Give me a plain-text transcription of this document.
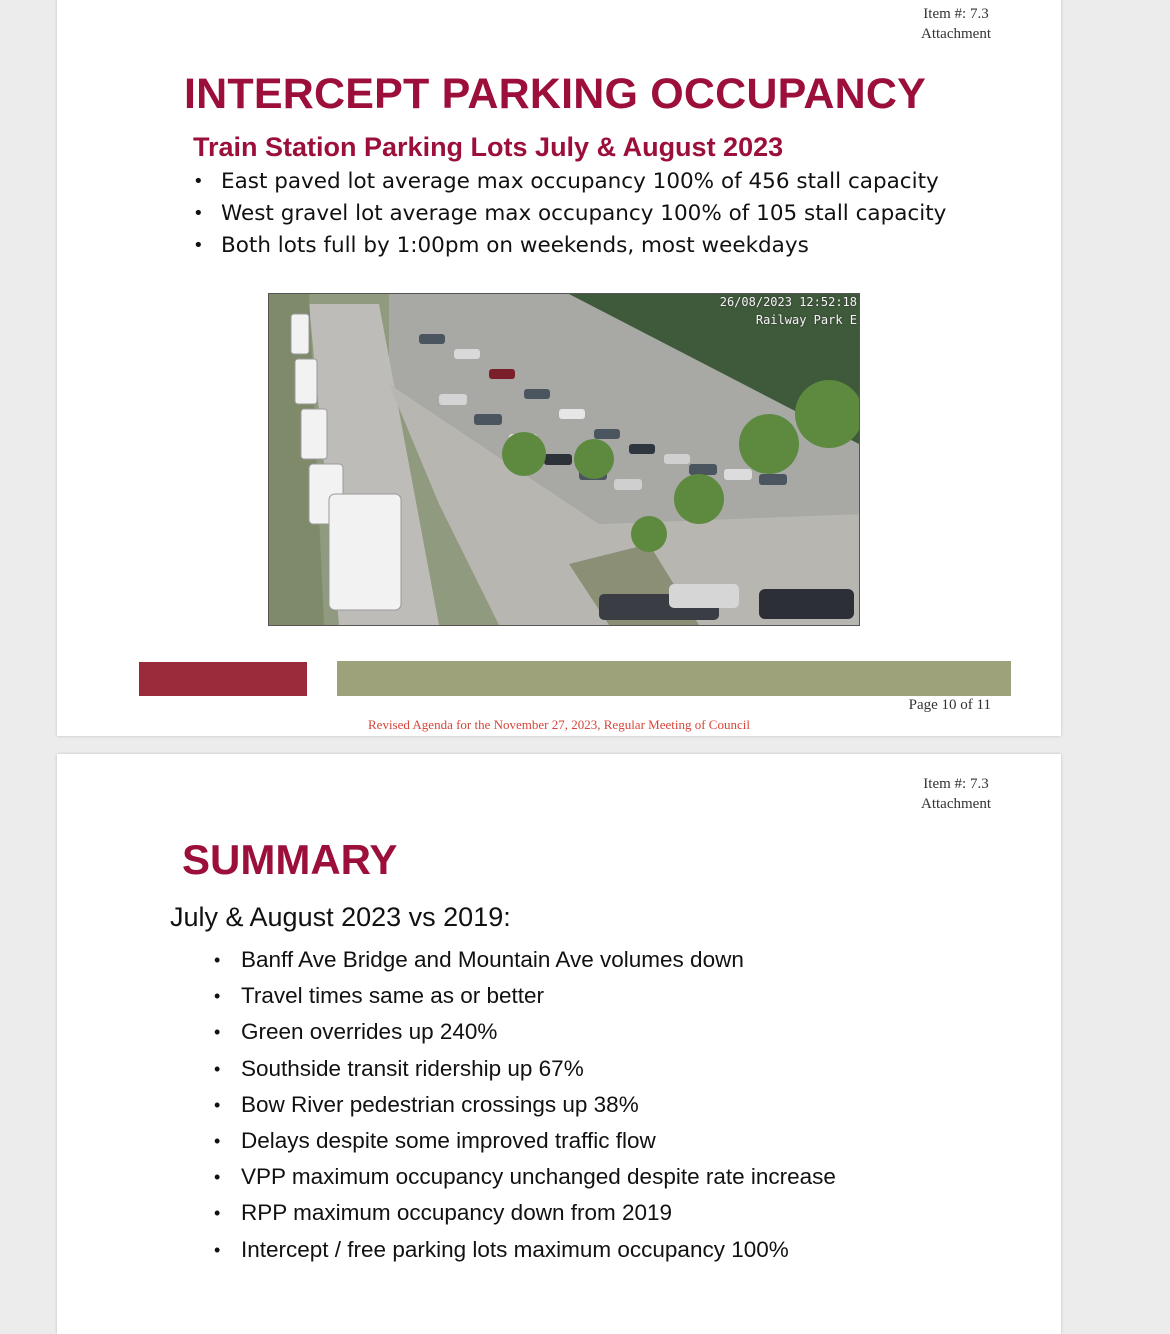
Item #: 7.3
Attachment
INTERCEPT PARKING OCCUPANCY
Train Station Parking Lots July & August 2023
• East paved lot average max occupancy 100% of 456 stall capacity
• West gravel lot average max occupancy 100% of 105 stall capacity
• Both lots full by 1:00pm on weekends, most weekdays
26/08/2023 12:52:18
Railway Park E
Page 10 of 11
Revised Agenda for the November 27, 2023, Regular Meeting of Council
Item #: 7.3
Attachment
SUMMARY

July & August 2023 vs 2019:

• Banff Ave Bridge and Mountain Ave volumes down
• Travel times same as or better
• Green overrides up 240%
• Southside transit ridership up 67%
• Bow River pedestrian crossings up 38%
• Delays despite some improved traffic flow
• VPP maximum occupancy unchanged despite rate increase
• RPP maximum occupancy down from 2019
• Intercept / free parking lots maximum occupancy 100%
